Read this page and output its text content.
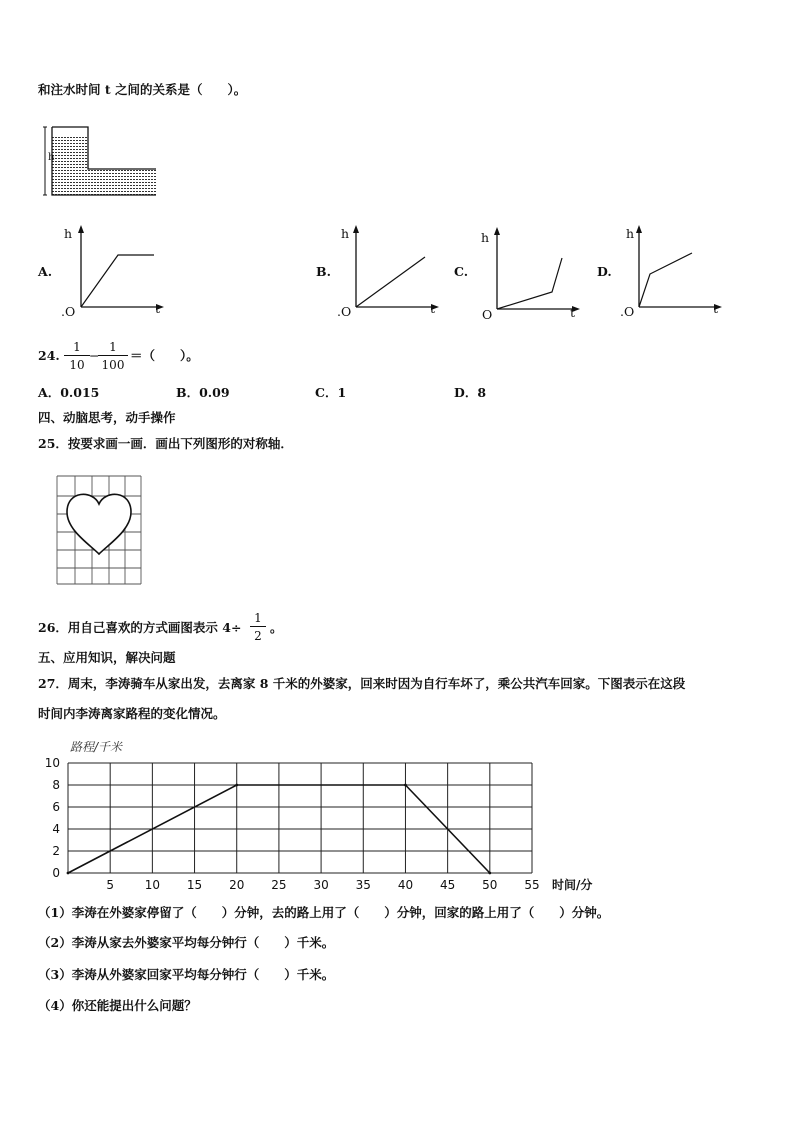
和注水时间 t 之间的关系是（　　）。
h
A.
h
t
.O
B.
h
t
.O
C.
h
t
O
D.
h
t
.O
24. $\frac{1}{10}$ −
$\frac{1}{100}$ ＝（　　）。
A．0.015	B．0.09	C．1	D．8
四、动脑思考，动手操作
25．按要求画一画．画出下列图形的对称轴．
26．用自己喜欢的方式画图表示 $4\div \frac{1}{2}$ 。
五、应用知识，解决问题
27．周末，李涛骑车从家出发，去离家 8 千米的外婆家，回来时因为自行车坏了，乘公共汽车回家。下图表示在这段
时间内李涛离家路程的变化情况。
0
2
4
6
8
10
5	10 15 20 25 30 35 40 45 50 55
路程/千米
时间/分
（1）李涛在外婆家停留了（　　）分钟，去的路上用了（　　）分钟，回家的路上用了（　　）分钟。
（2）李涛从家去外婆家平均每分钟行（　　）千米。
（3）李涛从外婆家回家平均每分钟行（　　）千米。
（4）你还能提出什么问题？
